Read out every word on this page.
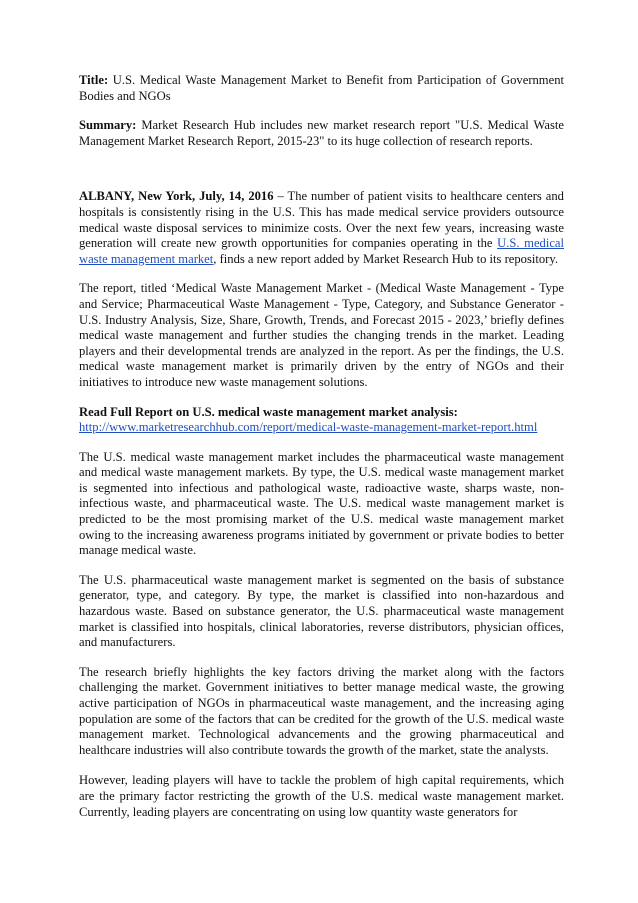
Title: U.S. Medical Waste Management Market to Benefit from Participation of Government Bodies and NGOs

Summary: Market Research Hub includes new market research report "U.S. Medical Waste Management Market Research Report, 2015-23" to its huge collection of research reports.

ALBANY, New York, July, 14, 2016 – The number of patient visits to healthcare centers and hospitals is consistently rising in the U.S. This has made medical service providers outsource medical waste disposal services to minimize costs. Over the next few years, increasing waste generation will create new growth opportunities for companies operating in the U.S. medical waste management market, finds a new report added by Market Research Hub to its repository.

The report, titled ‘Medical Waste Management Market - (Medical Waste Management - Type and Service; Pharmaceutical Waste Management - Type, Category, and Substance Generator - U.S. Industry Analysis, Size, Share, Growth, Trends, and Forecast 2015 - 2023,’ briefly defines medical waste management and further studies the changing trends in the market. Leading players and their developmental trends are analyzed in the report. As per the findings, the U.S. medical waste management market is primarily driven by the entry of NGOs and their initiatives to introduce new waste management solutions.

Read Full Report on U.S. medical waste management market analysis:

http://www.marketresearchhub.com/report/medical-waste-management-market-report.html

The U.S. medical waste management market includes the pharmaceutical waste management and medical waste management markets. By type, the U.S. medical waste management market is segmented into infectious and pathological waste, radioactive waste, sharps waste, non-infectious waste, and pharmaceutical waste. The U.S. medical waste management market is predicted to be the most promising market of the U.S. medical waste management market owing to the increasing awareness programs initiated by government or private bodies to better manage medical waste.

The U.S. pharmaceutical waste management market is segmented on the basis of substance generator, type, and category. By type, the market is classified into non-hazardous and hazardous waste. Based on substance generator, the U.S. pharmaceutical waste management market is classified into hospitals, clinical laboratories, reverse distributors, physician offices, and manufacturers.

The research briefly highlights the key factors driving the market along with the factors challenging the market. Government initiatives to better manage medical waste, the growing active participation of NGOs in pharmaceutical waste management, and the increasing aging population are some of the factors that can be credited for the growth of the U.S. medical waste management market. Technological advancements and the growing pharmaceutical and healthcare industries will also contribute towards the growth of the market, state the analysts.

However, leading players will have to tackle the problem of high capital requirements, which are the primary factor restricting the growth of the U.S. medical waste management market. Currently, leading players are concentrating on using low quantity waste generators for
